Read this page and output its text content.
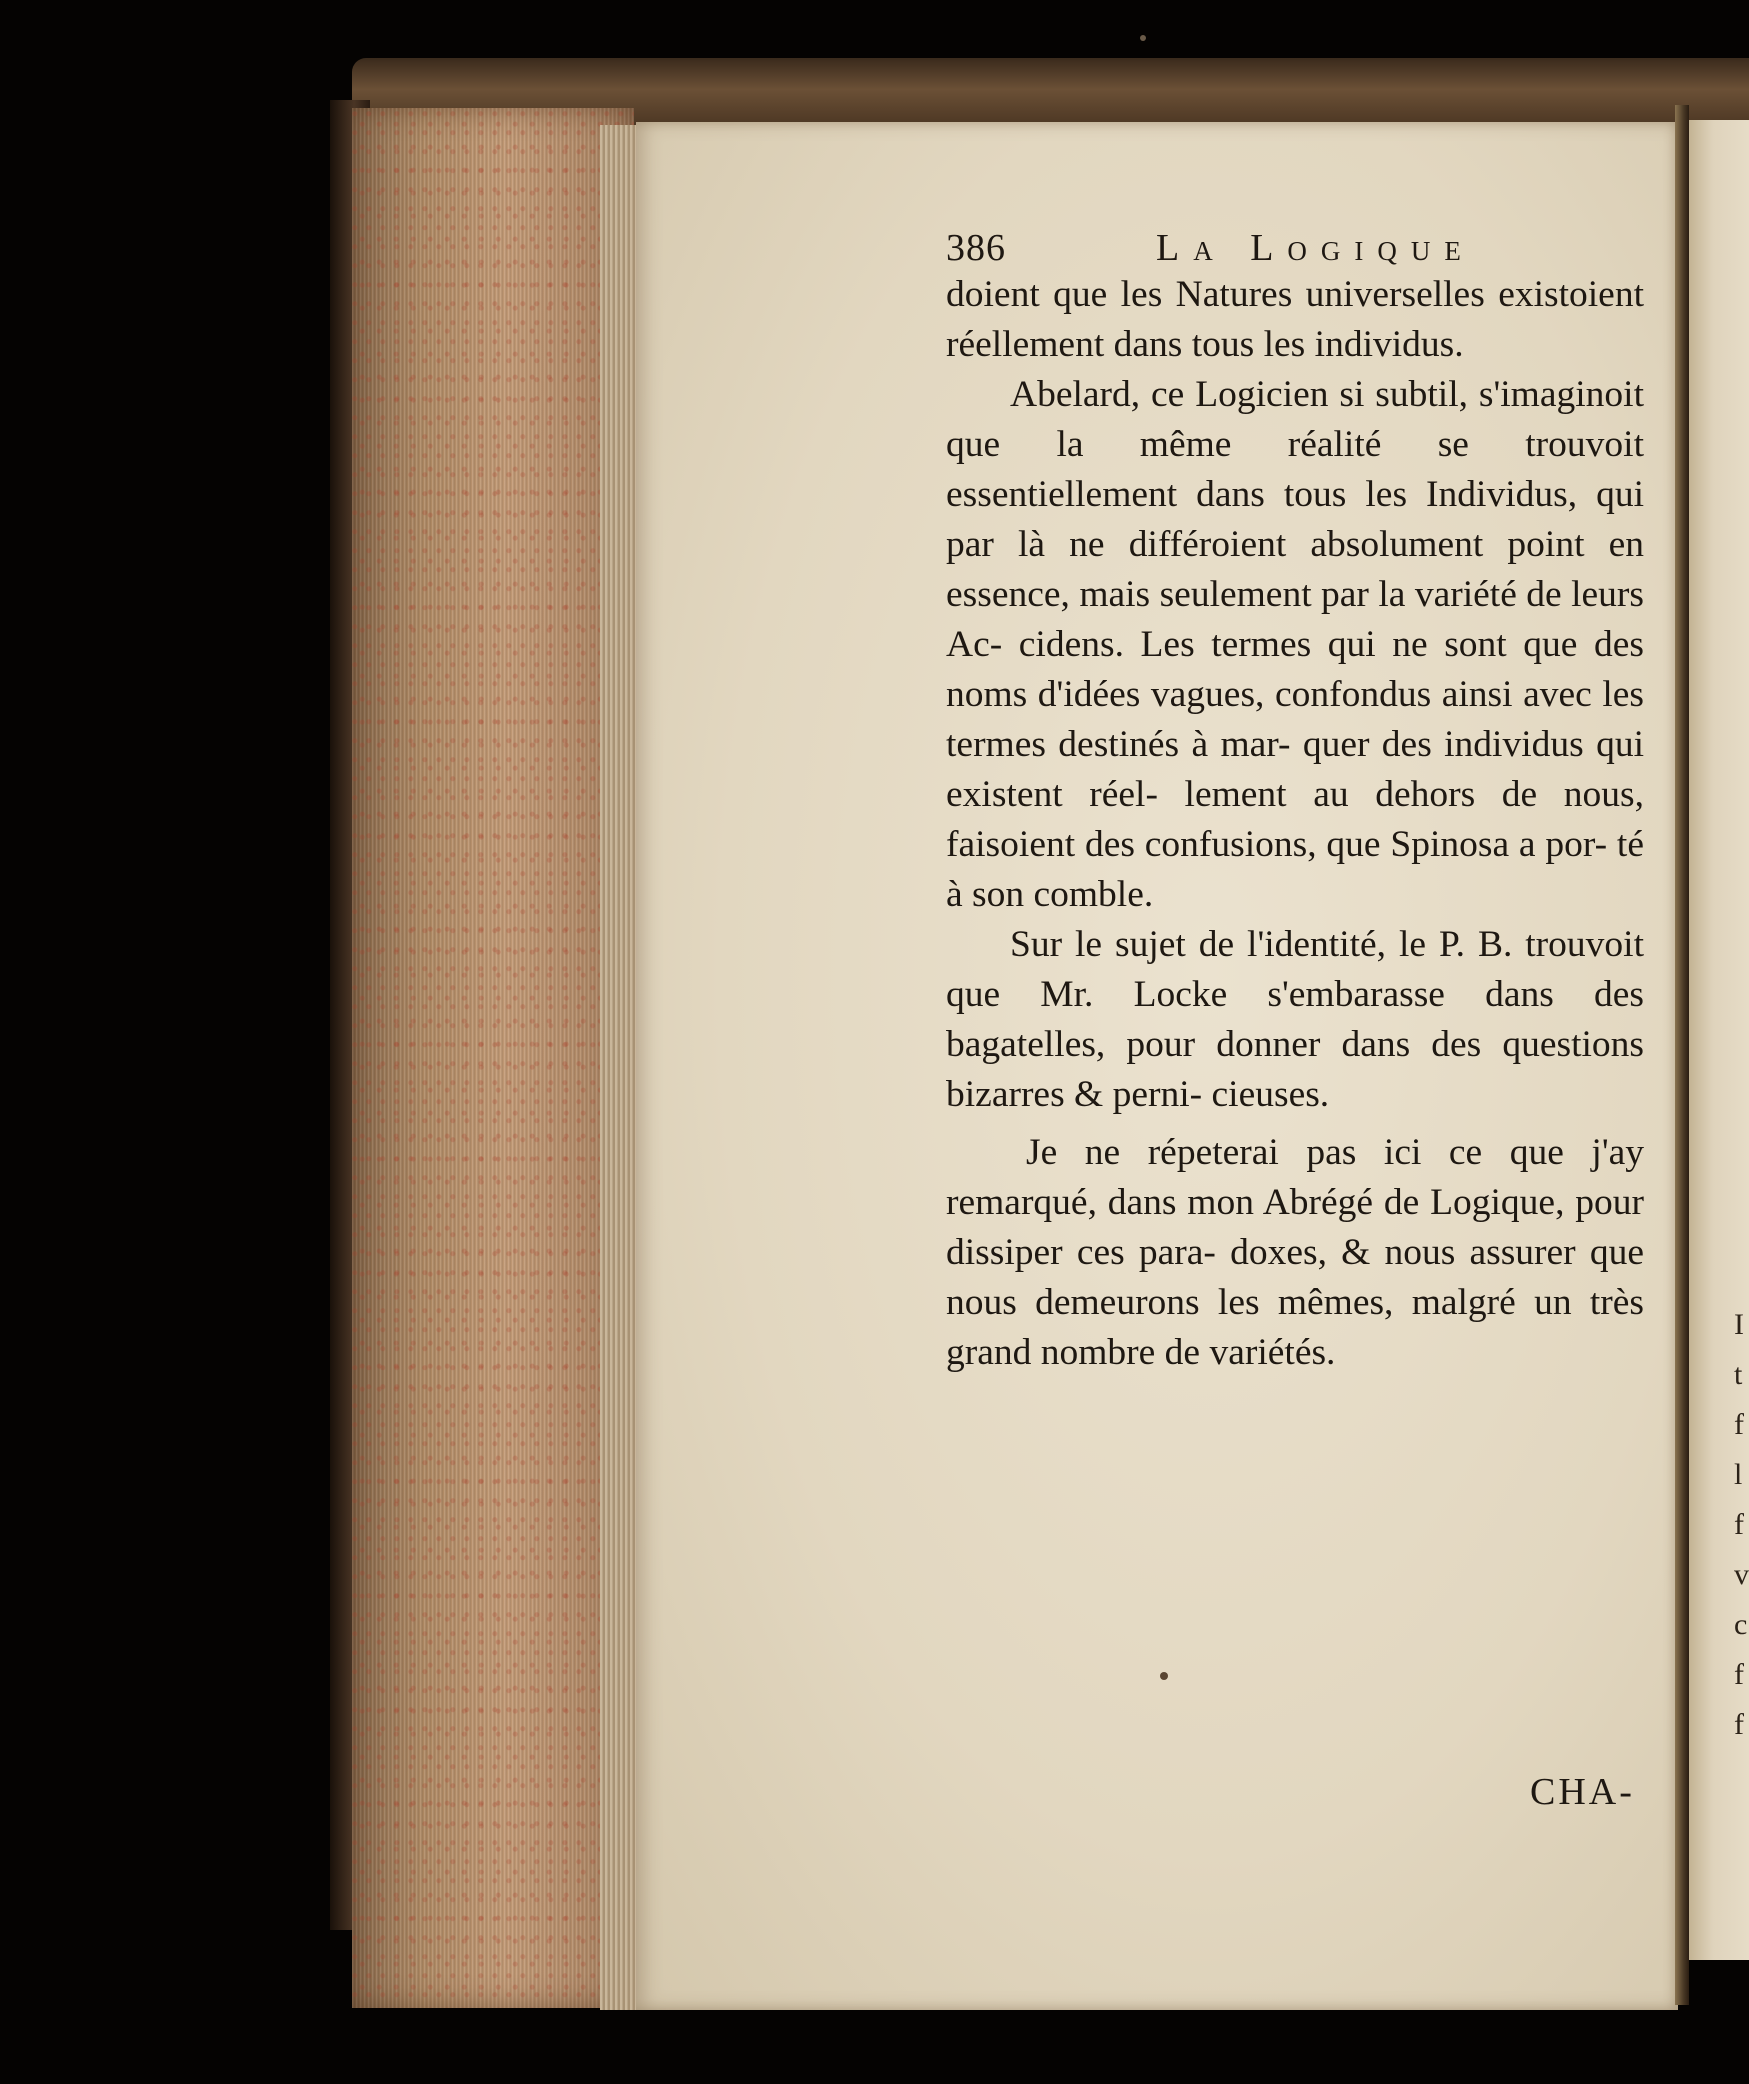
I t f l f v c f f
386	La Logique

doient que les Natures universelles existoient réellement dans tous les individus.

Abelard, ce Logicien si subtil, s'imaginoit que la même réalité se trouvoit essentiellement dans tous les Individus, qui par là ne différoient absolument point en essence, mais seulement par la variété de leurs Ac- cidens. Les termes qui ne sont que des noms d'idées vagues, confondus ainsi avec les termes destinés à mar- quer des individus qui existent réel- lement au dehors de nous, faisoient des confusions, que Spinosa a por- té à son comble.

Sur le sujet de l'identité, le P. B. trouvoit que Mr. Locke s'embarasse dans des bagatelles, pour donner dans des questions bizarres & perni- cieuses.

Je ne répeterai pas ici ce que j'ay remarqué, dans mon Abrégé de Logique, pour dissiper ces para- doxes, & nous assurer que nous demeurons les mêmes, malgré un très grand nombre de variétés.

CHA-
